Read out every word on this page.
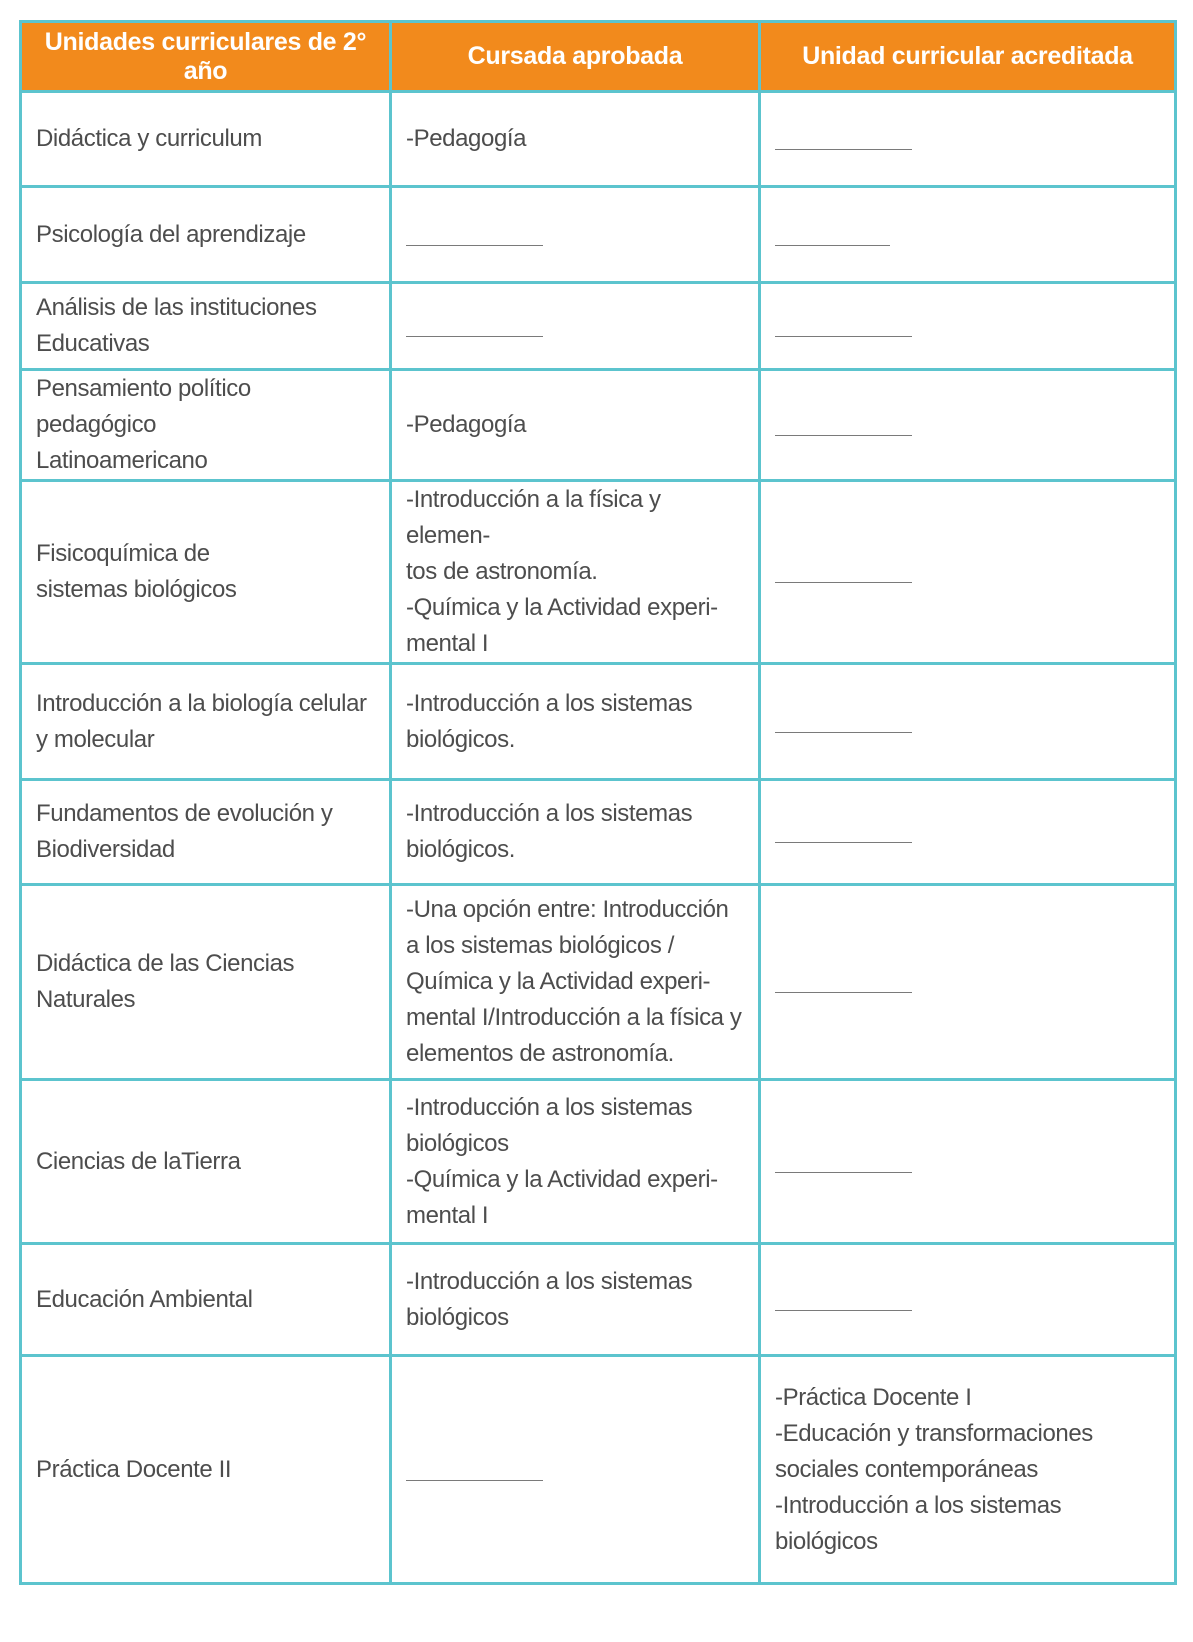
Unidades curriculares de 2° año	Cursada aprobada	Unidad curricular acreditada

Didáctica y curriculum	-Pedagogía	

Psicología del aprendizaje		

Análisis de las instituciones
Educativas		

Pensamiento político pedagógico
Latinoamericano	-Pedagogía	

Fisicoquímica de
sistemas biológicos	-Introducción a la física y elemen-
tos de astronomía.
-Química y la Actividad experi-
mental I	

Introducción a la biología celular
y molecular	-Introducción a los sistemas
biológicos.	

Fundamentos de evolución y
Biodiversidad	-Introducción a los sistemas
biológicos.	

Didáctica de las Ciencias
Naturales	-Una opción entre: Introducción
a los sistemas biológicos /
Química y la Actividad experi-
mental I/Introducción a la física y
elementos de astronomía.	

Ciencias de laTierra	-Introducción a los sistemas
biológicos
-Química y la Actividad experi-
mental I	

Educación Ambiental	-Introducción a los sistemas
biológicos	

Práctica Docente II		-Práctica Docente I
-Educación y transformaciones
sociales contemporáneas
-Introducción a los sistemas
biológicos
